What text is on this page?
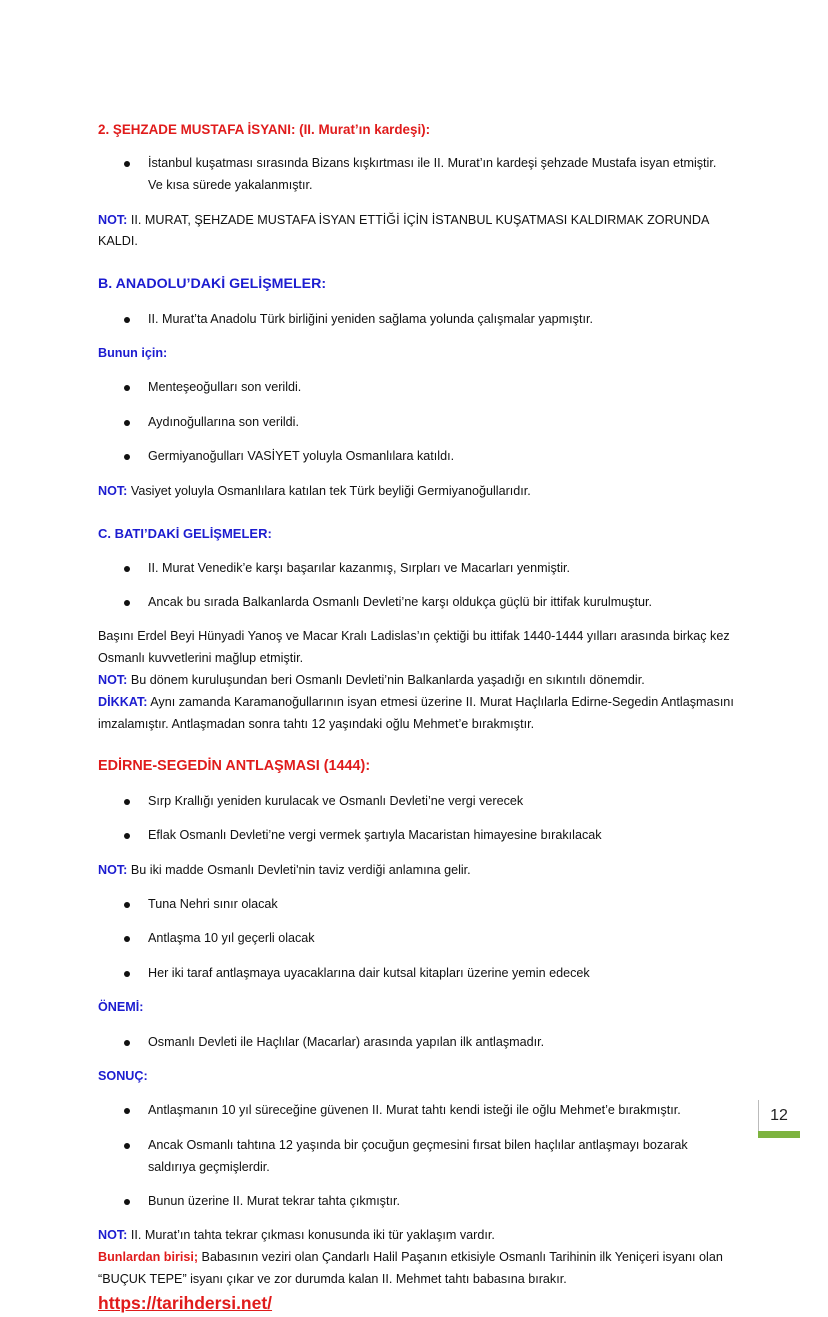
2. ŞEHZADE MUSTAFA İSYANI: (II. Murat’ın kardeşi):

İstanbul kuşatması sırasında Bizans kışkırtması ile II. Murat’ın kardeşi şehzade Mustafa isyan etmiştir. Ve kısa sürede yakalanmıştır.

NOT: II. MURAT, ŞEHZADE MUSTAFA İSYAN ETTİĞİ İÇİN İSTANBUL KUŞATMASI KALDIRMAK ZORUNDA KALDI.

B. ANADOLU’DAKİ GELİŞMELER:

II. Murat’ta Anadolu Türk birliğini yeniden sağlama yolunda çalışmalar yapmıştır.

Bunun için:

Menteşeoğulları son verildi.

Aydınoğullarına son verildi.

Germiyanoğulları VASİYET yoluyla Osmanlılara katıldı.

NOT: Vasiyet yoluyla Osmanlılara katılan tek Türk beyliği Germiyanoğullarıdır.

C. BATI’DAKİ GELİŞMELER:

II. Murat Venedik’e karşı başarılar kazanmış, Sırpları ve Macarları yenmiştir.

Ancak bu sırada Balkanlarda Osmanlı Devleti’ne karşı oldukça güçlü bir ittifak kurulmuştur.

Başını Erdel Beyi Hünyadi Yanoş ve Macar Kralı Ladislas’ın çektiği bu ittifak 1440-1444 yılları arasında birkaç kez Osmanlı kuvvetlerini mağlup etmiştir.

NOT: Bu dönem kuruluşundan beri Osmanlı Devleti’nin Balkanlarda yaşadığı en sıkıntılı dönemdir.

DİKKAT: Aynı zamanda Karamanoğullarının isyan etmesi üzerine II. Murat Haçlılarla Edirne-Segedin Antlaşmasını imzalamıştır. Antlaşmadan sonra tahtı 12 yaşındaki oğlu Mehmet’e bırakmıştır.

EDİRNE-SEGEDİN ANTLAŞMASI (1444):

Sırp Krallığı yeniden kurulacak ve Osmanlı Devleti’ne vergi verecek

Eflak Osmanlı Devleti’ne vergi vermek şartıyla Macaristan himayesine bırakılacak

NOT: Bu iki madde Osmanlı Devleti'nin taviz verdiği anlamına gelir.

Tuna Nehri sınır olacak

Antlaşma 10 yıl geçerli olacak

Her iki taraf antlaşmaya uyacaklarına dair kutsal kitapları üzerine yemin edecek

ÖNEMİ:

Osmanlı Devleti ile Haçlılar (Macarlar) arasında yapılan ilk antlaşmadır.

SONUÇ:

Antlaşmanın 10 yıl süreceğine güvenen II. Murat tahtı kendi isteği ile oğlu Mehmet’e bırakmıştır.

Ancak Osmanlı tahtına 12 yaşında bir çocuğun geçmesini fırsat bilen haçlılar antlaşmayı bozarak saldırıya geçmişlerdir.

Bunun üzerine II. Murat tekrar tahta çıkmıştır.

NOT: II. Murat’ın tahta tekrar çıkması konusunda iki tür yaklaşım vardır.

Bunlardan birisi; Babasının veziri olan Çandarlı Halil Paşanın etkisiyle Osmanlı Tarihinin ilk Yeniçeri isyanı olan “BUÇUK TEPE” isyanı çıkar ve zor durumda kalan II. Mehmet tahtı babasına bırakır.

https://tarihdersi.net/
12
